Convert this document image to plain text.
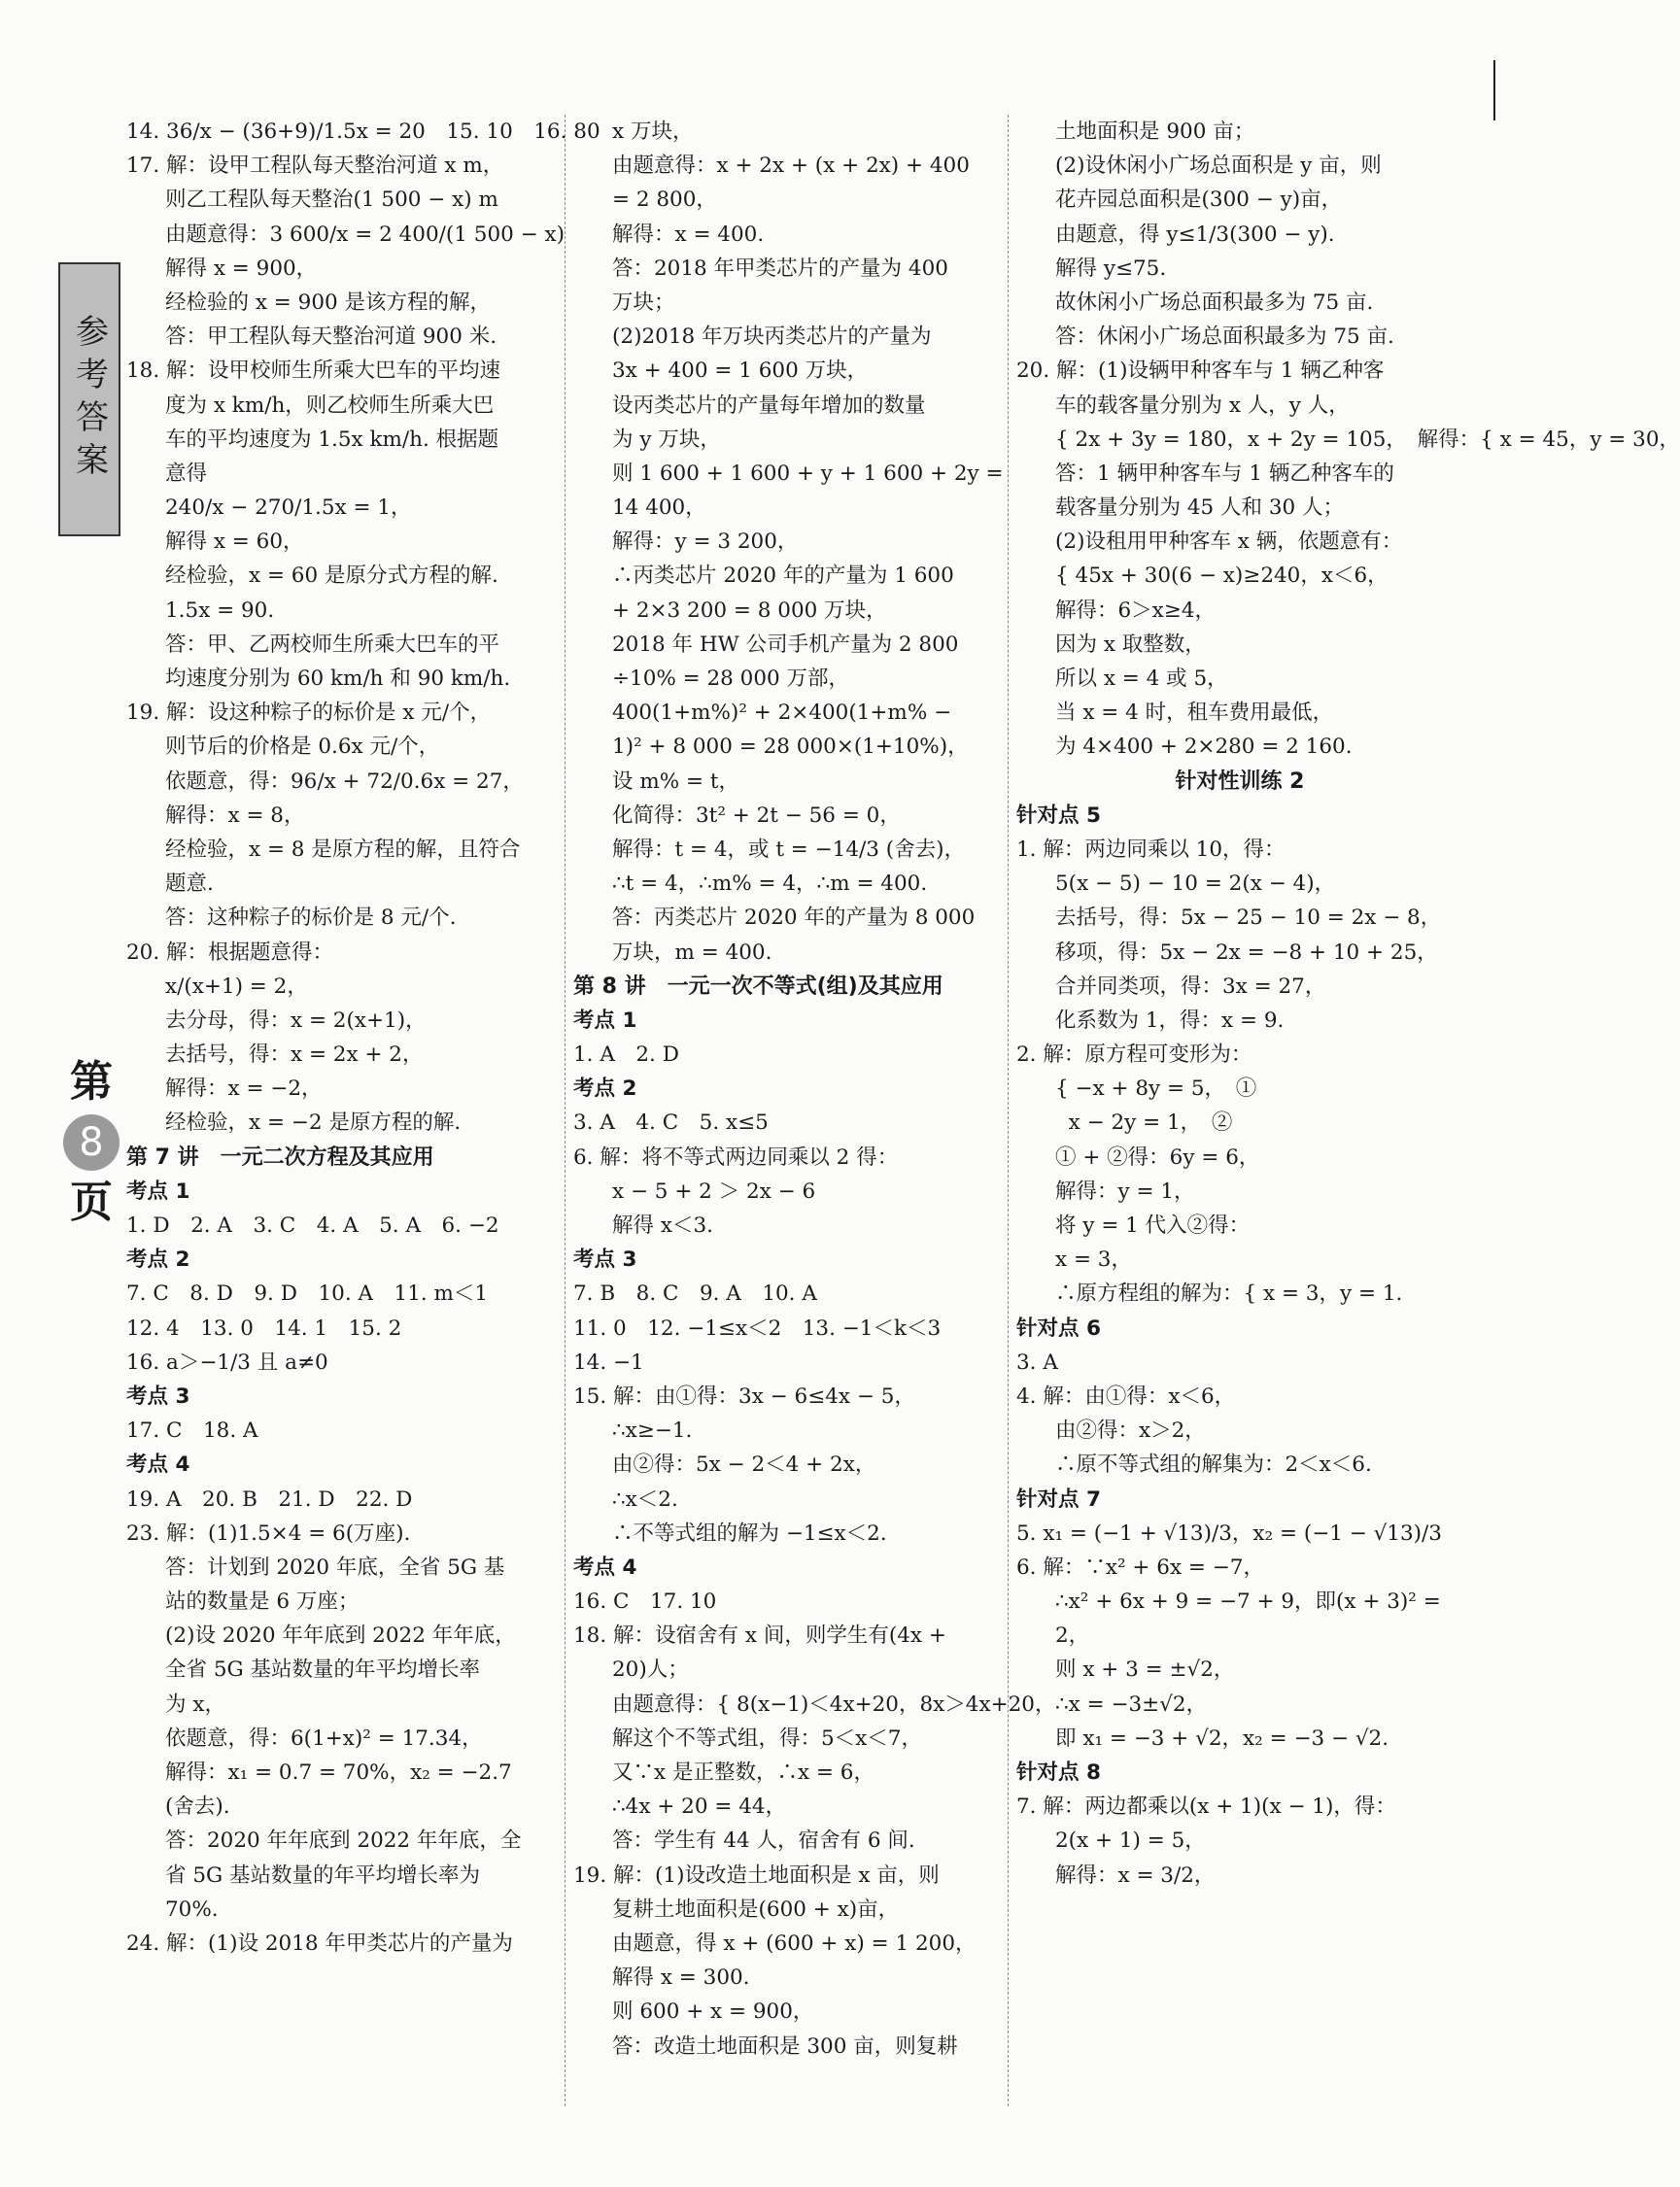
参考答案
第
8
页
14. 36/x − (36+9)/1.5x = 20　15. 10　16. 80
17. 解：设甲工程队每天整治河道 x m，
则乙工程队每天整治(1 500 − x) m
由题意得：3 600/x = 2 400/(1 500 − x)
解得 x = 900，
经检验的 x = 900 是该方程的解，
答：甲工程队每天整治河道 900 米.
18. 解：设甲校师生所乘大巴车的平均速
度为 x km/h，则乙校师生所乘大巴
车的平均速度为 1.5x km/h. 根据题
意得
240/x − 270/1.5x = 1，
解得 x = 60，
经检验，x = 60 是原分式方程的解.
1.5x = 90.
答：甲、乙两校师生所乘大巴车的平
均速度分别为 60 km/h 和 90 km/h.
19. 解：设这种粽子的标价是 x 元/个，
则节后的价格是 0.6x 元/个，
依题意，得：96/x + 72/0.6x = 27，
解得：x = 8，
经检验，x = 8 是原方程的解，且符合
题意.
答：这种粽子的标价是 8 元/个.
20. 解：根据题意得：
x/(x+1) = 2，
去分母，得：x = 2(x+1)，
去括号，得：x = 2x + 2，
解得：x = −2，
经检验，x = −2 是原方程的解.
第 7 讲　一元二次方程及其应用
考点 1
1. D　2. A　3. C　4. A　5. A　6. −2
考点 2
7. C　8. D　9. D　10. A　11. m＜1
12. 4　13. 0　14. 1　15. 2
16. a＞−1/3 且 a≠0
考点 3
17. C　18. A
考点 4
19. A　20. B　21. D　22. D
23. 解：(1)1.5×4 = 6(万座).
答：计划到 2020 年底，全省 5G 基
站的数量是 6 万座；
(2)设 2020 年年底到 2022 年年底，
全省 5G 基站数量的年平均增长率
为 x，
依题意，得：6(1+x)² = 17.34，
解得：x₁ = 0.7 = 70%，x₂ = −2.7
(舍去).
答：2020 年年底到 2022 年年底，全
省 5G 基站数量的年平均增长率为
70%.
24. 解：(1)设 2018 年甲类芯片的产量为
x 万块，
由题意得：x + 2x + (x + 2x) + 400
= 2 800，
解得：x = 400.
答：2018 年甲类芯片的产量为 400
万块；
(2)2018 年万块丙类芯片的产量为
3x + 400 = 1 600 万块，
设丙类芯片的产量每年增加的数量
为 y 万块，
则 1 600 + 1 600 + y + 1 600 + 2y =
14 400，
解得：y = 3 200，
∴丙类芯片 2020 年的产量为 1 600
+ 2×3 200 = 8 000 万块，
2018 年 HW 公司手机产量为 2 800
÷10% = 28 000 万部，
400(1+m%)² + 2×400(1+m% −
1)² + 8 000 = 28 000×(1+10%)，
设 m% = t，
化简得：3t² + 2t − 56 = 0，
解得：t = 4，或 t = −14/3 (舍去)，
∴t = 4，∴m% = 4，∴m = 400.
答：丙类芯片 2020 年的产量为 8 000
万块，m = 400.
第 8 讲　一元一次不等式(组)及其应用
考点 1
1. A　2. D
考点 2
3. A　4. C　5. x≤5
6. 解：将不等式两边同乘以 2 得：
x − 5 + 2 ＞ 2x − 6
解得 x＜3.
考点 3
7. B　8. C　9. A　10. A
11. 0　12. −1≤x＜2　13. −1＜k＜3
14. −1
15. 解：由①得：3x − 6≤4x − 5，
∴x≥−1.
由②得：5x − 2＜4 + 2x，
∴x＜2.
∴不等式组的解为 −1≤x＜2.
考点 4
16. C　17. 10
18. 解：设宿舍有 x 间，则学生有(4x +
20)人；
由题意得：{ 8(x−1)＜4x+20，8x＞4x+20，
解这个不等式组，得：5＜x＜7，
又∵x 是正整数，∴x = 6，
∴4x + 20 = 44，
答：学生有 44 人，宿舍有 6 间.
19. 解：(1)设改造土地面积是 x 亩，则
复耕土地面积是(600 + x)亩，
由题意，得 x + (600 + x) = 1 200，
解得 x = 300.
则 600 + x = 900，
答：改造土地面积是 300 亩，则复耕
土地面积是 900 亩；
(2)设休闲小广场总面积是 y 亩，则
花卉园总面积是(300 − y)亩，
由题意，得 y≤1/3(300 − y).
解得 y≤75.
故休闲小广场总面积最多为 75 亩.
答：休闲小广场总面积最多为 75 亩.
20. 解：(1)设辆甲种客车与 1 辆乙种客
车的载客量分别为 x 人，y 人，
{ 2x + 3y = 180，x + 2y = 105，　解得：{ x = 45，y = 30，
答：1 辆甲种客车与 1 辆乙种客车的
载客量分别为 45 人和 30 人；
(2)设租用甲种客车 x 辆，依题意有：
{ 45x + 30(6 − x)≥240，x＜6，
解得：6＞x≥4，
因为 x 取整数，
所以 x = 4 或 5，
当 x = 4 时，租车费用最低，
为 4×400 + 2×280 = 2 160.
针对性训练 2
针对点 5
1. 解：两边同乘以 10，得：
5(x − 5) − 10 = 2(x − 4)，
去括号，得：5x − 25 − 10 = 2x − 8，
移项，得：5x − 2x = −8 + 10 + 25，
合并同类项，得：3x = 27，
化系数为 1，得：x = 9.
2. 解：原方程可变形为：
{ −x + 8y = 5，　①
x − 2y = 1，　②
① + ②得：6y = 6，
解得：y = 1，
将 y = 1 代入②得：
x = 3，
∴原方程组的解为：{ x = 3，y = 1.
针对点 6
3. A
4. 解：由①得：x＜6，
由②得：x＞2，
∴原不等式组的解集为：2＜x＜6.
针对点 7
5. x₁ = (−1 + √13)/3，x₂ = (−1 − √13)/3
6. 解：∵x² + 6x = −7，
∴x² + 6x + 9 = −7 + 9，即(x + 3)² =
2，
则 x + 3 = ±√2，
∴x = −3±√2，
即 x₁ = −3 + √2，x₂ = −3 − √2.
针对点 8
7. 解：两边都乘以(x + 1)(x − 1)，得：
2(x + 1) = 5，
解得：x = 3/2，
